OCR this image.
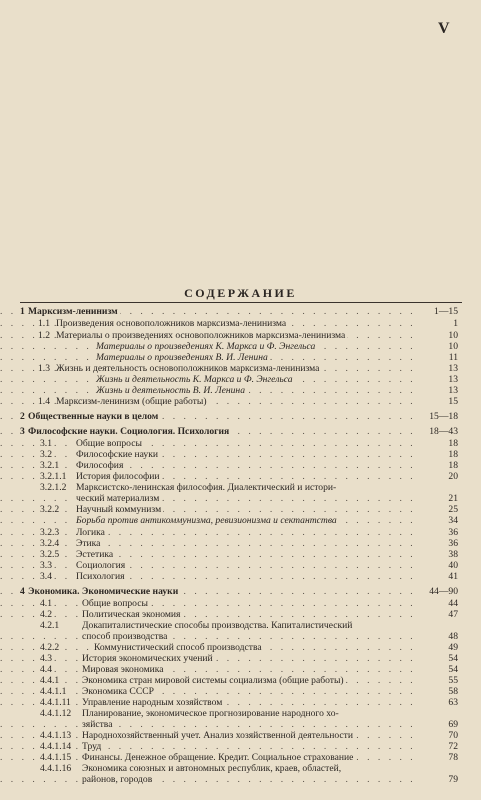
V
СОДЕРЖАНИЕ
. . .
1 Марксизм-ленинизм	1—15
. . .
1.1 Произведения основоположников марксизма-ленинизма	1
. . .
1.2 Материалы о произведениях основоположников марксизма-ленинизма	10
. . .
Материалы о произведениях К. Маркса и Ф. Энгельса	10
. . .
Материалы о произведениях В. И. Ленина	11
. . .
1.3 Жизнь и деятельность основоположников марксизма-ленинизма	13
. . .
Жизнь и деятельность К. Маркса и Ф. Энгельса	13
. . .
Жизнь и деятельность В. И. Ленина	13
. . .
1.4 Марксизм-ленинизм (общие работы)	15
. . .
2 Общественные науки в целом	15—18
. . .
3 Философские науки. Социология. Психология	18—43
. . .
3.1	Общие вопросы	18
. . .
3.2	Философские науки	18
. . .
3.2.1 Философия	18
. . .
3.2.1.1 История философии	20
3.2.1.2 Марксистско-ленинская философия. Диалектический и истори-
. . .
ческий материализм	21
. . .
3.2.2 Научный коммунизм	25
. . .
Борьба против антикоммунизма, ревизионизма и сектантства	34
. . .
3.2.3 Логика	36
. . .
3.2.4 Этика	36
. . .
3.2.5 Эстетика	38
. . .
3.3	Социология	40
. . .
3.4	Психология	41
. . .
4 Экономика. Экономические науки	44—90
. . .
4.1	Общие вопросы	44
. . .
4.2	Политическая экономия	47
4.2.1 Докапиталистические способы производства. Капиталистический
. . .
способ производства	48
. . .
4.2.2	Коммунистический способ производства	49
. . .
4.3	История экономических учений	54
. . .
4.4	Мировая экономика	54
. . .
4.4.1 Экономика стран мировой системы социализма (общие работы)	55
. . .
4.4.1.1 Экономика СССР	58
. . .
4.4.1.11 Управление народным хозяйством	63
4.4.1.12 Планирование, экономическое прогнозирование народного хо-
. . .
зяйства	69
. . .
4.4.1.13 Народнохозяйственный учет. Анализ хозяйственной деятельности	70
. . .
4.4.1.14 Труд	72
. . .
4.4.1.15 Финансы. Денежное обращение. Кредит. Социальное страхование	78
4.4.1.16 Экономика союзных и автономных республик, краев, областей,
. . .
районов, городов	79
